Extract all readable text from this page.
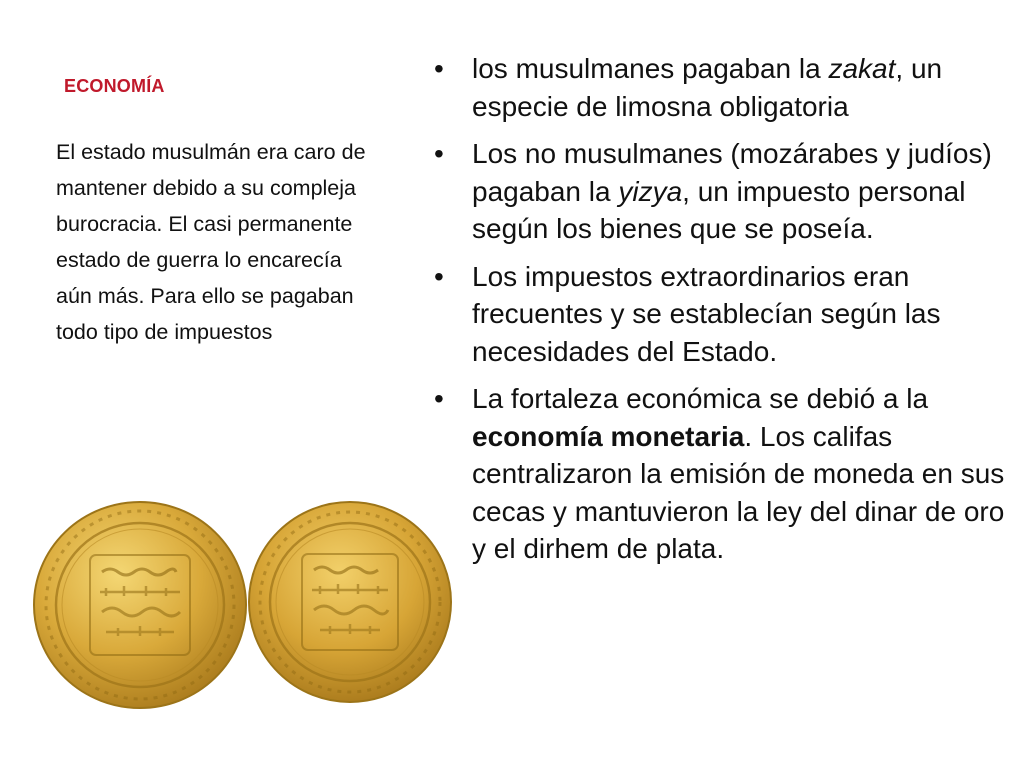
ECONOMÍA
El estado musulmán era caro de mantener debido a su compleja burocracia. El casi permanente estado de guerra lo encarecía aún más. Para ello se pagaban todo tipo de impuestos
• los musulmanes pagaban la zakat, un especie de limosna obligatoria
• Los no musulmanes (mozárabes y judíos) pagaban la yizya, un impuesto personal según los bienes que se poseía.
• Los impuestos extraordinarios eran frecuentes y se establecían según las necesidades del Estado.
• La fortaleza económica se debió a la economía monetaria. Los califas centralizaron la emisión de moneda en sus cecas y mantuvieron la ley del dinar de oro y el dirhem de plata.
